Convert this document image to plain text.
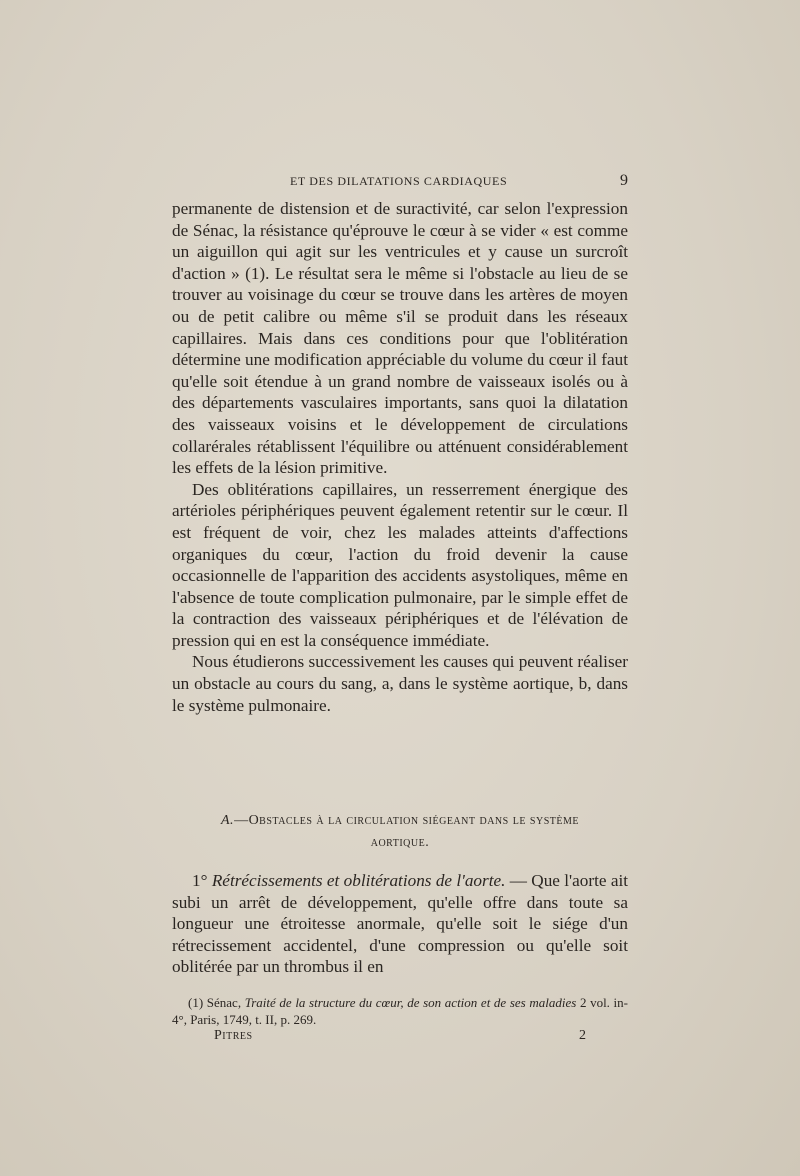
ET DES DILATATIONS CARDIAQUES	9

permanente de distension et de suractivité, car selon l'expression de Sénac, la résistance qu'éprouve le cœur à se vider « est comme un aiguillon qui agit sur les ventricules et y cause un surcroît d'action » (1). Le résultat sera le même si l'obstacle au lieu de se trouver au voisinage du cœur se trouve dans les artères de moyen ou de petit calibre ou même s'il se produit dans les réseaux capillaires. Mais dans ces conditions pour que l'oblitération détermine une modification appréciable du volume du cœur il faut qu'elle soit étendue à un grand nombre de vaisseaux isolés ou à des départements vasculaires importants, sans quoi la dilatation des vaisseaux voisins et le développement de circulations collarérales rétablissent l'équilibre ou atténuent considérablement les effets de la lésion primitive.

Des oblitérations capillaires, un resserrement énergique des artérioles périphériques peuvent également retentir sur le cœur. Il est fréquent de voir, chez les malades atteints d'affections organiques du cœur, l'action du froid devenir la cause occasionnelle de l'apparition des accidents asystoliques, même en l'absence de toute complication pulmonaire, par le simple effet de la contraction des vaisseaux périphériques et de l'élévation de pression qui en est la conséquence immédiate.

Nous étudierons successivement les causes qui peuvent réaliser un obstacle au cours du sang, a, dans le système aortique, b, dans le système pulmonaire.

A.—Obstacles à la circulation siégeant dans le système
aortique.

1° Rétrécissements et oblitérations de l'aorte. — Que l'aorte ait subi un arrêt de développement, qu'elle offre dans toute sa longueur une étroitesse anormale, qu'elle soit le siége d'un rétrecissement accidentel, d'une compression ou qu'elle soit oblitérée par un thrombus il en

(1) Sénac, Traité de la structure du cœur, de son action et de ses maladies 2 vol. in-4°, Paris, 1749, t. II, p. 269.
Pitres	2
